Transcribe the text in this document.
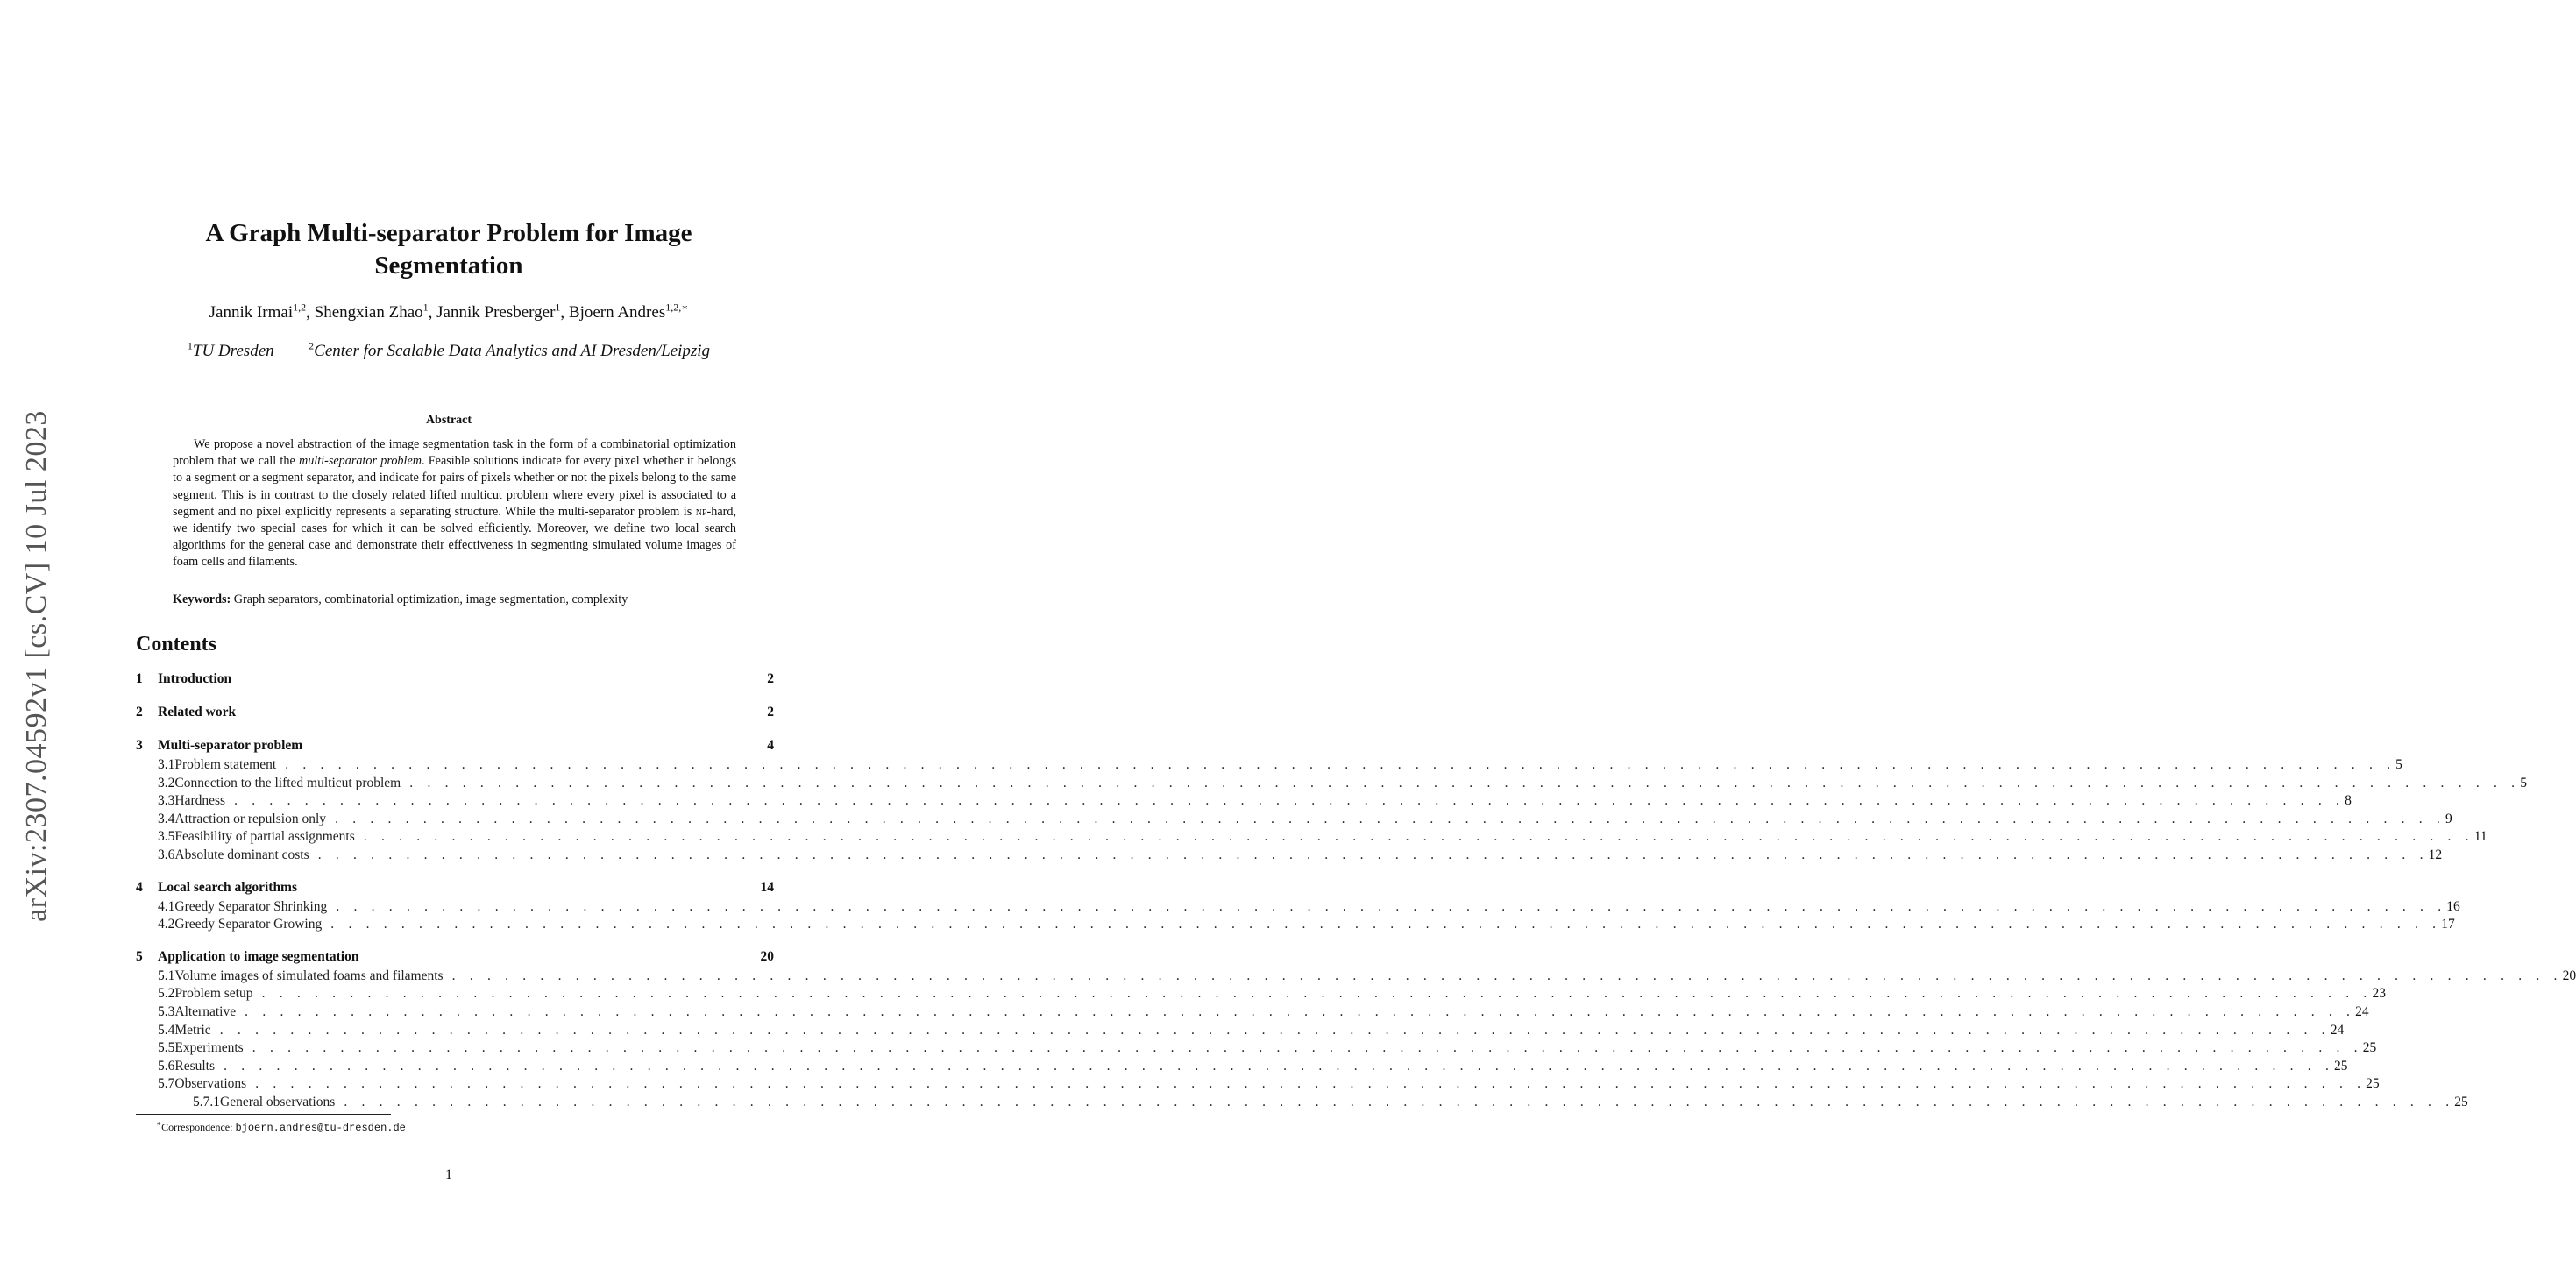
arXiv:2307.04592v1 [cs.CV] 10 Jul 2023
A Graph Multi-separator Problem for Image
Segmentation
Jannik Irmai$^{1,2}$, Shengxian Zhao$^1$, Jannik Presberger$^1$, Bjoern Andres$^{1,2,∗}$
$^1$TU Dresden	$^2$Center for Scalable Data Analytics and AI Dresden/Leipzig
Abstract
We propose a novel abstraction of the image segmentation task in the form of a combinatorial optimization problem that we call the multi-separator problem. Feasible solutions indicate for every pixel whether it belongs to a segment or a segment separator, and indicate for pairs of pixels whether or not the pixels belong to the same segment. This is in contrast to the closely related lifted multicut problem where every pixel is associated to a segment and no pixel explicitly represents a separating structure. While the multi-separator problem is np-hard, we identify two special cases for which it can be solved efficiently. Moreover, we define two local search algorithms for the general case and demonstrate their effectiveness in segmenting simulated volume images of foam cells and filaments.
Keywords: Graph separators, combinatorial optimization, image segmentation, complexity
Contents
1	Introduction	2
2	Related work	2
3	Multi-separator problem	4
3.1 Problem statement . . . . . . . . . . . . . . . . . . . . . . . . . . . . . . . . . . . . . . . . . . . . . . . . . . . . . . . . . . . . . . . . . . . . . . . . . . . . . . . . . . . . . . . . . . . . . . . . . . . . . . . . . . . . . . . . . . . . . . . . 5
3.2 Connection to the lifted multicut problem . . . . . . . . . . . . . . . . . . . . . . . . . . . . . . . . . . . . . . . . . . . . . . . . . . . . . . . . . . . . . . . . . . . . . . . . . . . . . . . . . . . . . . . . . . . . . . . . . . . . . . . . . . . . . . . . . . . . . . . . 5
3.3 Hardness . . . . . . . . . . . . . . . . . . . . . . . . . . . . . . . . . . . . . . . . . . . . . . . . . . . . . . . . . . . . . . . . . . . . . . . . . . . . . . . . . . . . . . . . . . . . . . . . . . . . . . . . . . . . . . . . . . . . . . . . 8
3.4 Attraction or repulsion only . . . . . . . . . . . . . . . . . . . . . . . . . . . . . . . . . . . . . . . . . . . . . . . . . . . . . . . . . . . . . . . . . . . . . . . . . . . . . . . . . . . . . . . . . . . . . . . . . . . . . . . . . . . . . . . . . . . . . . . . 9
3.5 Feasibility of partial assignments . . . . . . . . . . . . . . . . . . . . . . . . . . . . . . . . . . . . . . . . . . . . . . . . . . . . . . . . . . . . . . . . . . . . . . . . . . . . . . . . . . . . . . . . . . . . . . . . . . . . . . . . . . . . . . . . . . . . . . . . 11
3.6 Absolute dominant costs . . . . . . . . . . . . . . . . . . . . . . . . . . . . . . . . . . . . . . . . . . . . . . . . . . . . . . . . . . . . . . . . . . . . . . . . . . . . . . . . . . . . . . . . . . . . . . . . . . . . . . . . . . . . . . . . . . . . . . . . 12
4	Local search algorithms	14
4.1 Greedy Separator Shrinking . . . . . . . . . . . . . . . . . . . . . . . . . . . . . . . . . . . . . . . . . . . . . . . . . . . . . . . . . . . . . . . . . . . . . . . . . . . . . . . . . . . . . . . . . . . . . . . . . . . . . . . . . . . . . . . . . . . . . . . . 16
4.2 Greedy Separator Growing . . . . . . . . . . . . . . . . . . . . . . . . . . . . . . . . . . . . . . . . . . . . . . . . . . . . . . . . . . . . . . . . . . . . . . . . . . . . . . . . . . . . . . . . . . . . . . . . . . . . . . . . . . . . . . . . . . . . . . . . 17
5	Application to image segmentation	20
5.1 Volume images of simulated foams and filaments . . . . . . . . . . . . . . . . . . . . . . . . . . . . . . . . . . . . . . . . . . . . . . . . . . . . . . . . . . . . . . . . . . . . . . . . . . . . . . . . . . . . . . . . . . . . . . . . . . . . . . . . . . . . . . . . . . . . . . . . 20
5.2 Problem setup . . . . . . . . . . . . . . . . . . . . . . . . . . . . . . . . . . . . . . . . . . . . . . . . . . . . . . . . . . . . . . . . . . . . . . . . . . . . . . . . . . . . . . . . . . . . . . . . . . . . . . . . . . . . . . . . . . . . . . . . 23
5.3 Alternative . . . . . . . . . . . . . . . . . . . . . . . . . . . . . . . . . . . . . . . . . . . . . . . . . . . . . . . . . . . . . . . . . . . . . . . . . . . . . . . . . . . . . . . . . . . . . . . . . . . . . . . . . . . . . . . . . . . . . . . . 24
5.4 Metric . . . . . . . . . . . . . . . . . . . . . . . . . . . . . . . . . . . . . . . . . . . . . . . . . . . . . . . . . . . . . . . . . . . . . . . . . . . . . . . . . . . . . . . . . . . . . . . . . . . . . . . . . . . . . . . . . . . . . . . . 24
5.5 Experiments . . . . . . . . . . . . . . . . . . . . . . . . . . . . . . . . . . . . . . . . . . . . . . . . . . . . . . . . . . . . . . . . . . . . . . . . . . . . . . . . . . . . . . . . . . . . . . . . . . . . . . . . . . . . . . . . . . . . . . . . 25
5.6 Results . . . . . . . . . . . . . . . . . . . . . . . . . . . . . . . . . . . . . . . . . . . . . . . . . . . . . . . . . . . . . . . . . . . . . . . . . . . . . . . . . . . . . . . . . . . . . . . . . . . . . . . . . . . . . . . . . . . . . . . . 25
5.7 Observations . . . . . . . . . . . . . . . . . . . . . . . . . . . . . . . . . . . . . . . . . . . . . . . . . . . . . . . . . . . . . . . . . . . . . . . . . . . . . . . . . . . . . . . . . . . . . . . . . . . . . . . . . . . . . . . . . . . . . . . . 25
5.7.1 General observations . . . . . . . . . . . . . . . . . . . . . . . . . . . . . . . . . . . . . . . . . . . . . . . . . . . . . . . . . . . . . . . . . . . . . . . . . . . . . . . . . . . . . . . . . . . . . . . . . . . . . . . . . . . . . . . . . . . . . . . . 25
∗Correspondence: bjoern.andres@tu-dresden.de
1
